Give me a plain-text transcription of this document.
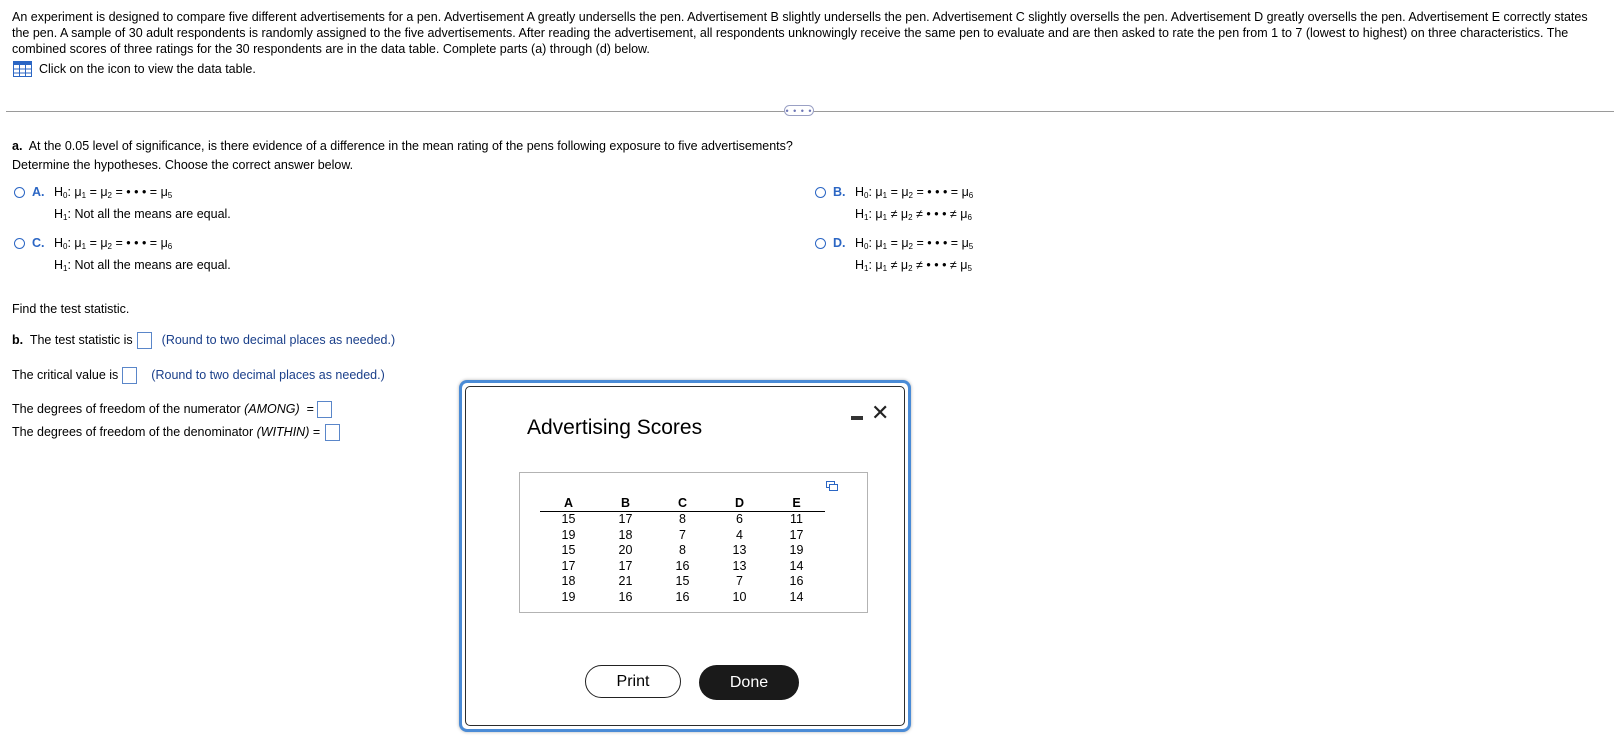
An experiment is designed to compare five different advertisements for a pen. Advertisement A greatly undersells the pen. Advertisement B slightly undersells the pen. Advertisement C slightly oversells the pen. Advertisement D greatly oversells the pen. Advertisement E correctly states the pen. A sample of 30 adult respondents is randomly assigned to the five advertisements. After reading the advertisement, all respondents unknowingly receive the same pen to evaluate and are then asked to rate the pen from 1 to 7 (lowest to highest) on three characteristics. The combined scores of three ratings for the 30 respondents are in the data table. Complete parts (a) through (d) below.
Click on the icon to view the data table.
• • • •
a. At the 0.05 level of significance, is there evidence of a difference in the mean rating of the pens following exposure to five advertisements?
Determine the hypotheses. Choose the correct answer below.
A. $H_0$: $\mu_1 = \mu_2$ = • • • = $\mu_5$
$H_1$: Not all the means are equal.
B. $H_0$: $\mu_1 = \mu_2$ = • • • = $\mu_6$
$H_1$: $\mu_1 \ne \mu_2$ ≠ • • • ≠ $\mu_6$
C. $H_0$: $\mu_1 = \mu_2$ = • • • = $\mu_6$
$H_1$: Not all the means are equal.
D. $H_0$: $\mu_1 = \mu_2$ = • • • = $\mu_5$
$H_1$: $\mu_1 \ne \mu_2$ ≠ • • • ≠ $\mu_5$
Find the test statistic.
b. The test statistic is (Round to two decimal places as needed.)
The critical value is	(Round to two decimal places as needed.)
The degrees of freedom of the numerator (AMONG) =
The degrees of freedom of the denominator (WITHIN) =	Advertising Scores
✕
A	B	C	D	E
15	17	8	6	11
19	18	7	4	17
15	20	8	13	19
17	17	16	13	14
18	21	15	7	16
19	16	16	10	14
Print	Done
